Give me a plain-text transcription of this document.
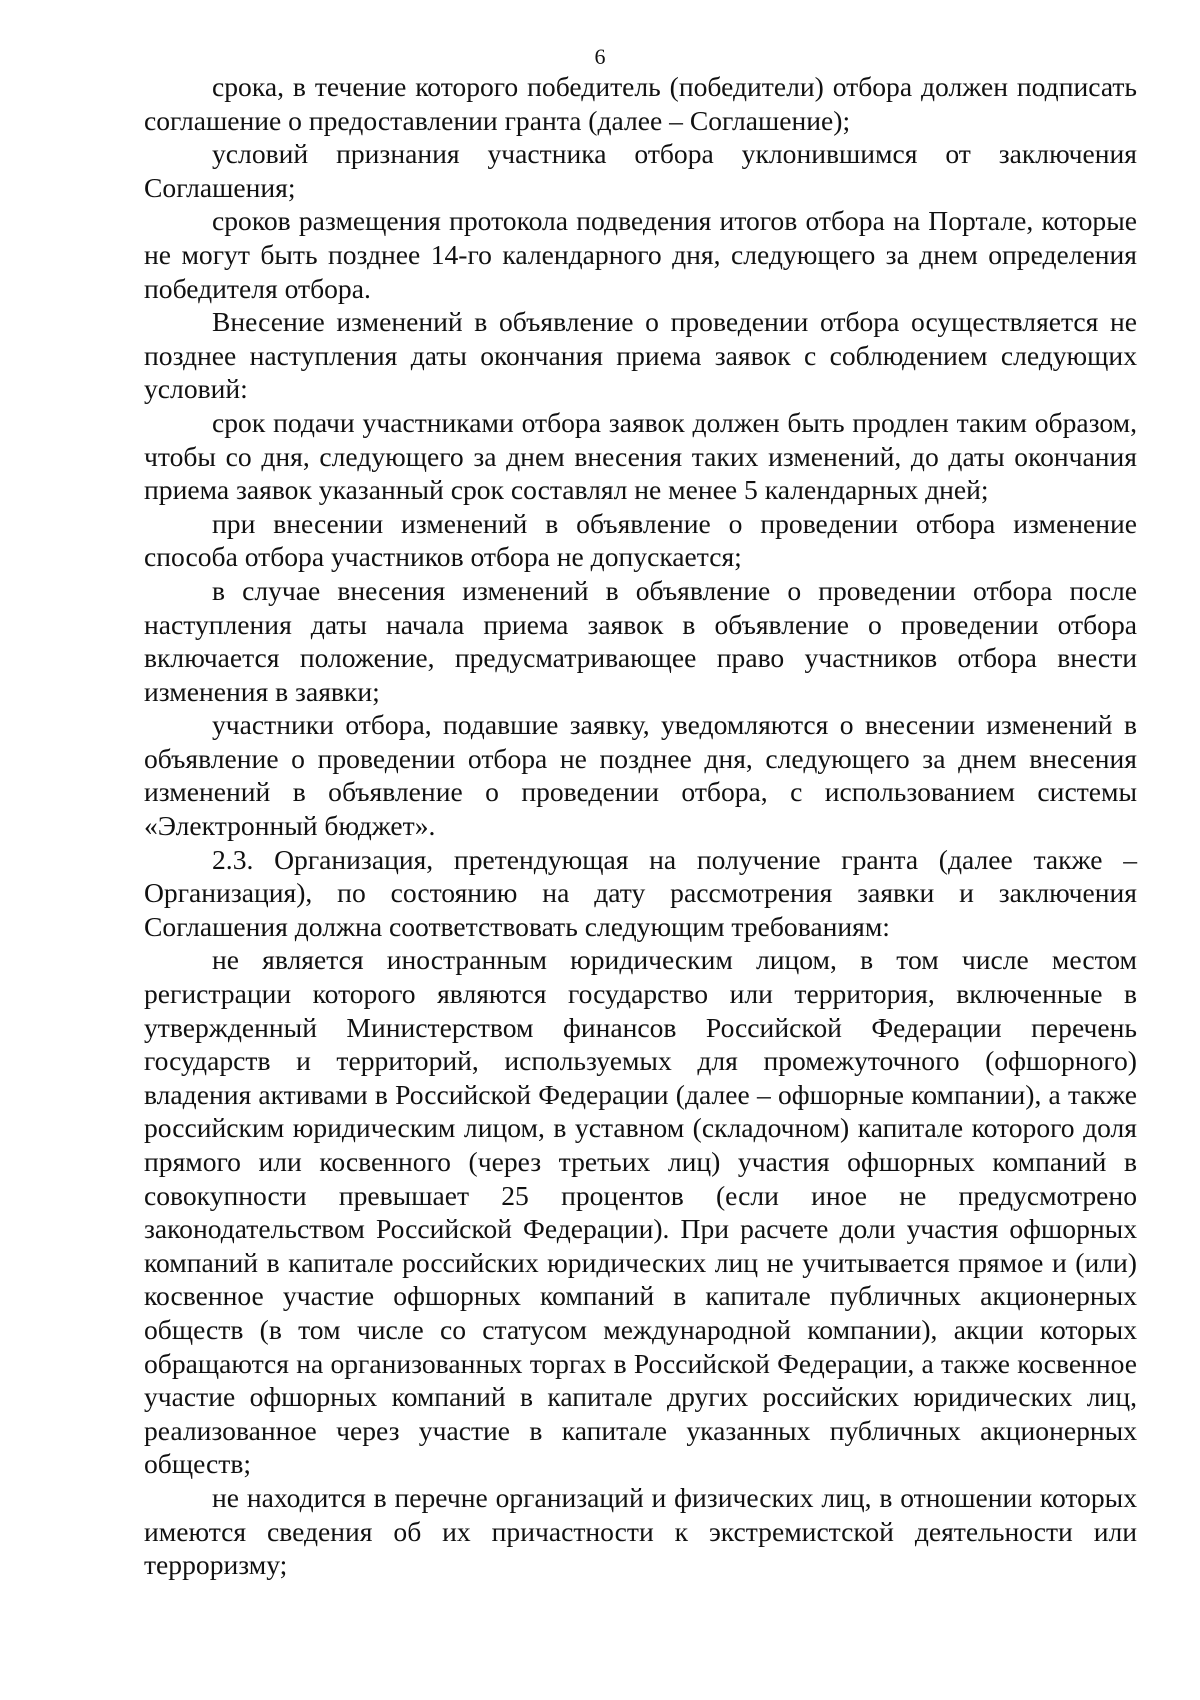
6

срока, в течение которого победитель (победители) отбора должен подписать соглашение о предоставлении гранта (далее – Соглашение);

условий признания участника отбора уклонившимся от заключения Соглашения;

сроков размещения протокола подведения итогов отбора на Портале, которые не могут быть позднее 14-го календарного дня, следующего за днем определения победителя отбора.

Внесение изменений в объявление о проведении отбора осуществляется не позднее наступления даты окончания приема заявок с соблюдением следующих условий:

срок подачи участниками отбора заявок должен быть продлен таким образом, чтобы со дня, следующего за днем внесения таких изменений, до даты окончания приема заявок указанный срок составлял не менее 5 календарных дней;

при внесении изменений в объявление о проведении отбора изменение способа отбора участников отбора не допускается;

в случае внесения изменений в объявление о проведении отбора после наступления даты начала приема заявок в объявление о проведении отбора включается положение, предусматривающее право участников отбора внести изменения в заявки;

участники отбора, подавшие заявку, уведомляются о внесении изменений в объявление о проведении отбора не позднее дня, следующего за днем внесения изменений в объявление о проведении отбора, с использованием системы «Электронный бюджет».

2.3. Организация, претендующая на получение гранта (далее также – Организация), по состоянию на дату рассмотрения заявки и заключения Соглашения должна соответствовать следующим требованиям:

не является иностранным юридическим лицом, в том числе местом регистрации которого являются государство или территория, включенные в утвержденный Министерством финансов Российской Федерации перечень государств и территорий, используемых для промежуточного (офшорного) владения активами в Российской Федерации (далее – офшорные компании), а также российским юридическим лицом, в уставном (складочном) капитале которого доля прямого или косвенного (через третьих лиц) участия офшорных компаний в совокупности превышает 25 процентов (если иное не предусмотрено законодательством Российской Федерации). При расчете доли участия офшорных компаний в капитале российских юридических лиц не учитывается прямое и (или) косвенное участие офшорных компаний в капитале публичных акционерных обществ (в том числе со статусом международной компании), акции которых обращаются на организованных торгах в Российской Федерации, а также косвенное участие офшорных компаний в капитале других российских юридических лиц, реализованное через участие в капитале указанных публичных акционерных обществ;

не находится в перечне организаций и физических лиц, в отношении которых имеются сведения об их причастности к экстремистской деятельности или терроризму;
